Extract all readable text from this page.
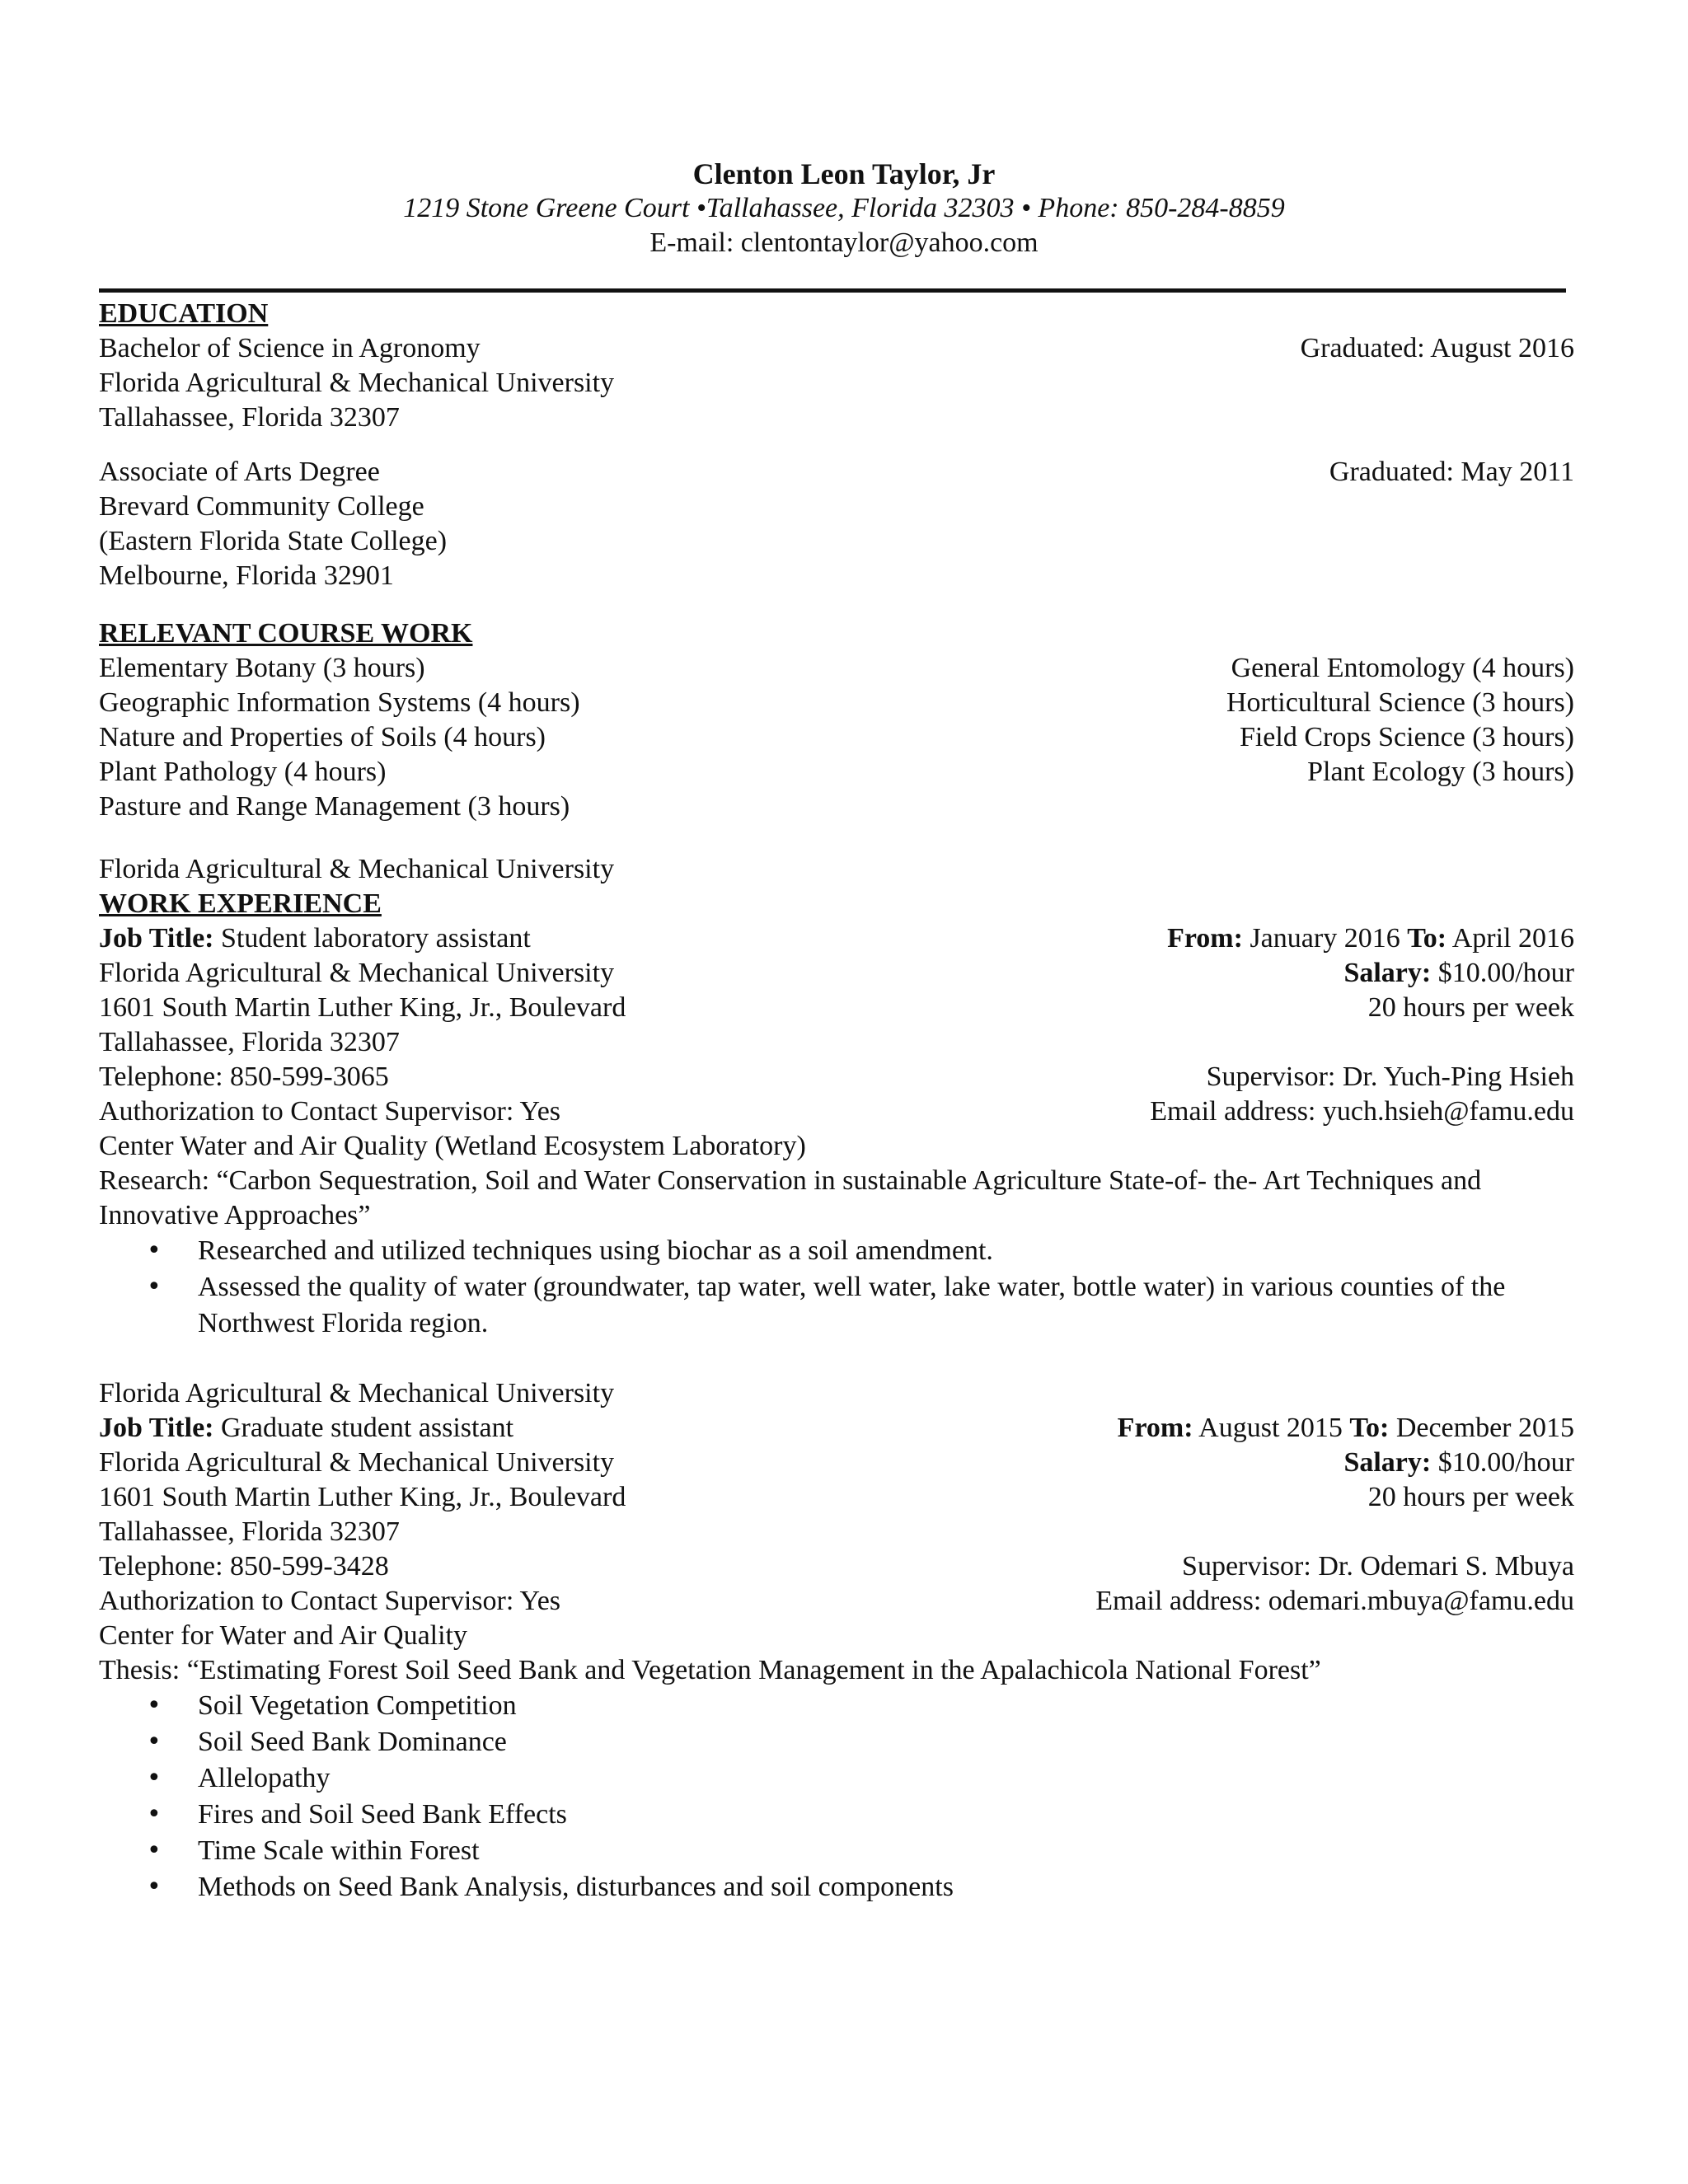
Clenton Leon Taylor, Jr
1219 Stone Greene Court •Tallahassee, Florida 32303 • Phone: 850-284-8859
E-mail: clentontaylor@yahoo.com
EDUCATION
Bachelor of Science in Agronomy	Graduated: August 2016
Florida Agricultural & Mechanical University
Tallahassee, Florida 32307
Associate of Arts Degree	Graduated: May 2011
Brevard Community College
(Eastern Florida State College)
Melbourne, Florida 32901
RELEVANT COURSE WORK
Elementary Botany (3 hours)	General Entomology (4 hours)
Geographic Information Systems (4 hours)	Horticultural Science (3 hours)
Nature and Properties of Soils (4 hours)	Field Crops Science (3 hours)
Plant Pathology (4 hours)	Plant Ecology (3 hours)
Pasture and Range Management (3 hours)
Florida Agricultural & Mechanical University
WORK EXPERIENCE
Job Title: Student laboratory assistant	From: January 2016 To: April 2016
Florida Agricultural & Mechanical University	Salary: $10.00/hour
1601 South Martin Luther King, Jr., Boulevard	20 hours per week
Tallahassee, Florida 32307
Telephone: 850-599-3065	Supervisor: Dr. Yuch-Ping Hsieh
Authorization to Contact Supervisor: Yes	Email address: yuch.hsieh@famu.edu
Center Water and Air Quality (Wetland Ecosystem Laboratory)
Research: “Carbon Sequestration, Soil and Water Conservation in sustainable Agriculture State-of- the- Art Techniques and Innovative Approaches”
• Researched and utilized techniques using biochar as a soil amendment.
• Assessed the quality of water (groundwater, tap water, well water, lake water, bottle water) in various counties of the Northwest Florida region.
Florida Agricultural & Mechanical University
Job Title: Graduate student assistant	From: August 2015 To: December 2015
Florida Agricultural & Mechanical University	Salary: $10.00/hour
1601 South Martin Luther King, Jr., Boulevard	20 hours per week
Tallahassee, Florida 32307
Telephone: 850-599-3428	Supervisor: Dr. Odemari S. Mbuya
Authorization to Contact Supervisor: Yes	Email address: odemari.mbuya@famu.edu
Center for Water and Air Quality
Thesis: “Estimating Forest Soil Seed Bank and Vegetation Management in the Apalachicola National Forest”
• Soil Vegetation Competition
• Soil Seed Bank Dominance
• Allelopathy
• Fires and Soil Seed Bank Effects
• Time Scale within Forest
• Methods on Seed Bank Analysis, disturbances and soil components
